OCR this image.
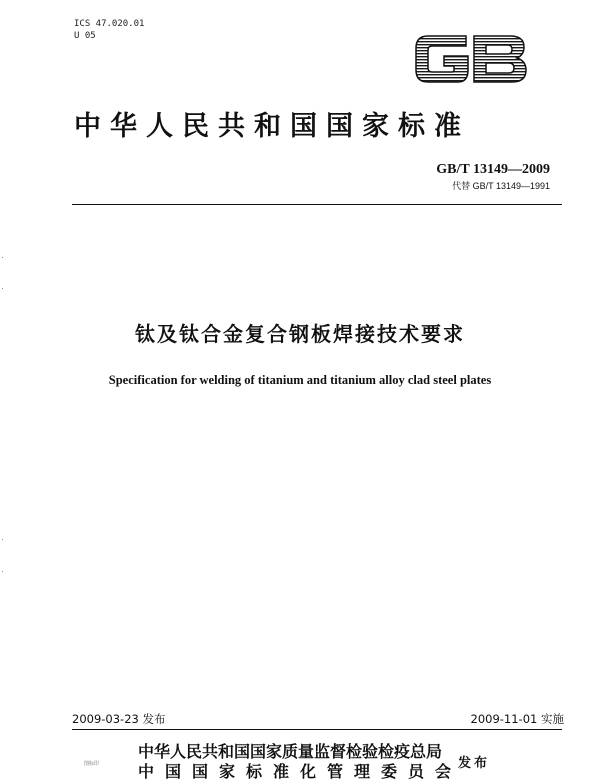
ICS 47.020.01
U 05
中华人民共和国国家标准
GB/T 13149—2009
代替 GB/T 13149—1991
钛及钛合金复合钢板焊接技术要求
Specification for welding of titanium and titanium alloy clad steel plates
2009-03-23 发布	2009-11-01 实施
图标印
中华人民共和国国家质量监督检验检疫总局
中国国家标准化管理委员会
发布
